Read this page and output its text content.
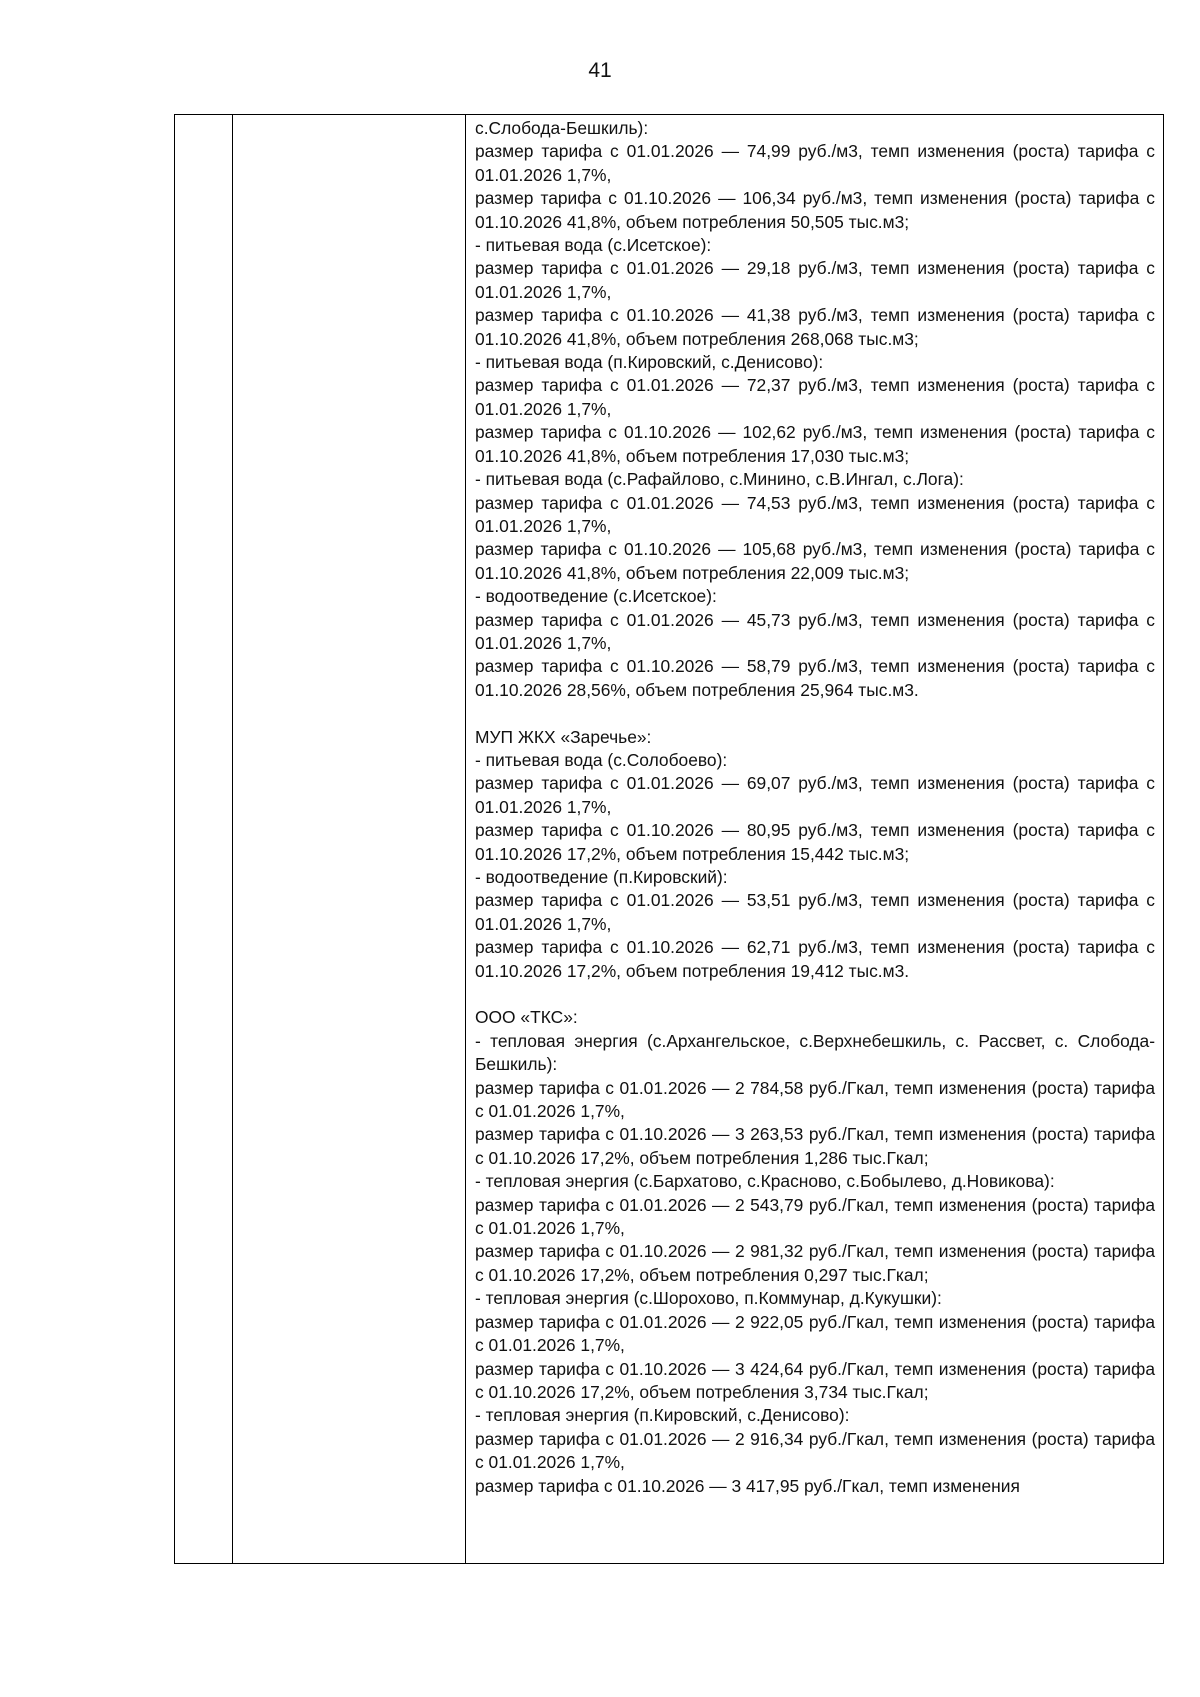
41

с.Слобода-Бешкиль):

размер тарифа с 01.01.2026 — 74,99 руб./м3, темп изменения (роста) тарифа с 01.01.2026 1,7%,

размер тарифа с 01.10.2026 — 106,34 руб./м3, темп изменения (роста) тарифа с 01.10.2026 41,8%, объем потребления 50,505 тыс.м3;

- питьевая вода (с.Исетское):

размер тарифа с 01.01.2026 — 29,18 руб./м3, темп изменения (роста) тарифа с 01.01.2026 1,7%,

размер тарифа с 01.10.2026 — 41,38 руб./м3, темп изменения (роста) тарифа с 01.10.2026 41,8%, объем потребления 268,068 тыс.м3;

- питьевая вода (п.Кировский, с.Денисово):

размер тарифа с 01.01.2026 — 72,37 руб./м3, темп изменения (роста) тарифа с 01.01.2026 1,7%,

размер тарифа с 01.10.2026 — 102,62 руб./м3, темп изменения (роста) тарифа с 01.10.2026 41,8%, объем потребления 17,030 тыс.м3;

- питьевая вода (с.Рафайлово, с.Минино, с.В.Ингал, с.Лога):

размер тарифа с 01.01.2026 — 74,53 руб./м3, темп изменения (роста) тарифа с 01.01.2026 1,7%,

размер тарифа с 01.10.2026 — 105,68 руб./м3, темп изменения (роста) тарифа с 01.10.2026 41,8%, объем потребления 22,009 тыс.м3;

- водоотведение (с.Исетское):

размер тарифа с 01.01.2026 — 45,73 руб./м3, темп изменения (роста) тарифа с 01.01.2026 1,7%,

размер тарифа с 01.10.2026 — 58,79 руб./м3, темп изменения (роста) тарифа с 01.10.2026 28,56%, объем потребления 25,964 тыс.м3.

МУП ЖКХ «Заречье»:

- питьевая вода (с.Солобоево):

размер тарифа с 01.01.2026 — 69,07 руб./м3, темп изменения (роста) тарифа с 01.01.2026 1,7%,

размер тарифа с 01.10.2026 — 80,95 руб./м3, темп изменения (роста) тарифа с 01.10.2026 17,2%, объем потребления 15,442 тыс.м3;

- водоотведение (п.Кировский):

размер тарифа с 01.01.2026 — 53,51 руб./м3, темп изменения (роста) тарифа с 01.01.2026 1,7%,

размер тарифа с 01.10.2026 — 62,71 руб./м3, темп изменения (роста) тарифа с 01.10.2026 17,2%, объем потребления 19,412 тыс.м3.

ООО «ТКС»:

- тепловая энергия (с.Архангельское, с.Верхнебешкиль, с. Рассвет, с. Слобода-Бешкиль):

размер тарифа с 01.01.2026 — 2 784,58 руб./Гкал, темп изменения (роста) тарифа с 01.01.2026 1,7%,

размер тарифа с 01.10.2026 — 3 263,53 руб./Гкал, темп изменения (роста) тарифа с 01.10.2026 17,2%, объем потребления 1,286 тыс.Гкал;

- тепловая энергия (с.Бархатово, с.Красново, с.Бобылево, д.Новикова):

размер тарифа с 01.01.2026 — 2 543,79 руб./Гкал, темп изменения (роста) тарифа с 01.01.2026 1,7%,

размер тарифа с 01.10.2026 — 2 981,32 руб./Гкал, темп изменения (роста) тарифа с 01.10.2026 17,2%, объем потребления 0,297 тыс.Гкал;

- тепловая энергия (с.Шорохово, п.Коммунар, д.Кукушки):

размер тарифа с 01.01.2026 — 2 922,05 руб./Гкал, темп изменения (роста) тарифа с 01.01.2026 1,7%,

размер тарифа с 01.10.2026 — 3 424,64 руб./Гкал, темп изменения (роста) тарифа с 01.10.2026 17,2%, объем потребления 3,734 тыс.Гкал;

- тепловая энергия (п.Кировский, с.Денисово):

размер тарифа с 01.01.2026 — 2 916,34 руб./Гкал, темп изменения (роста) тарифа с 01.01.2026 1,7%,

размер тарифа с 01.10.2026 — 3 417,95 руб./Гкал, темп изменения
